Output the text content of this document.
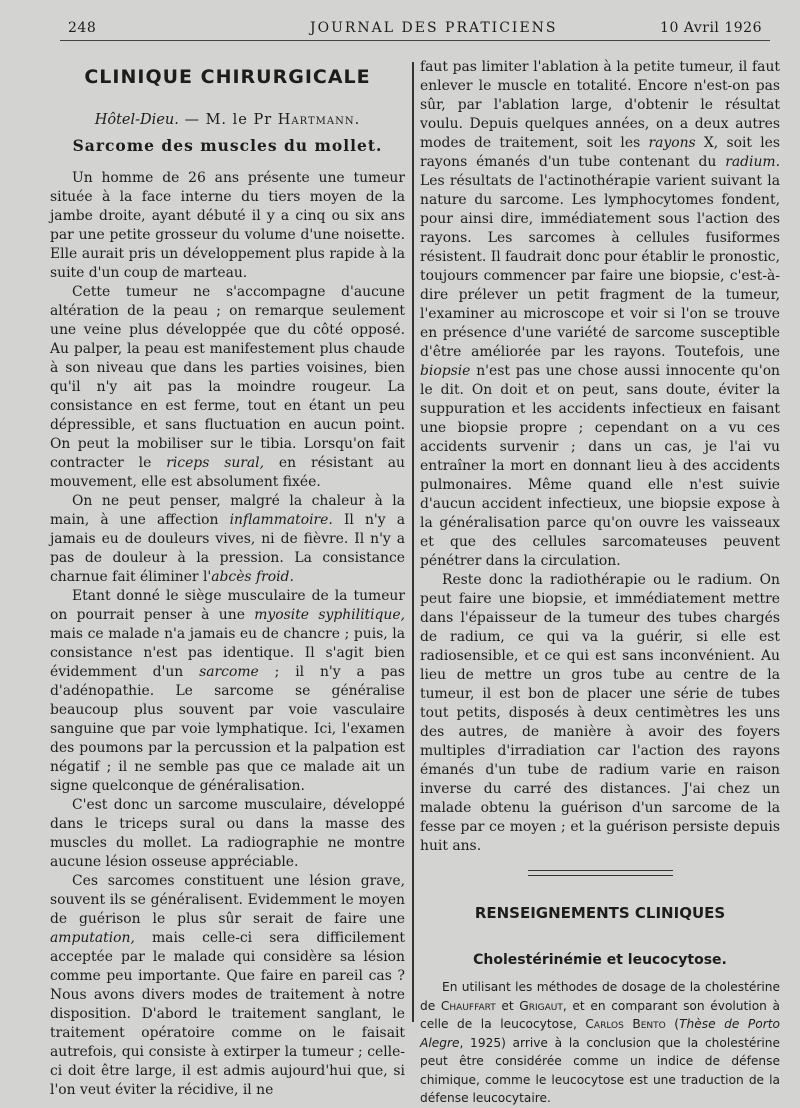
248	JOURNAL DES PRATICIENS	10 Avril 1926
CLINIQUE CHIRURGICALE
Hôtel-Dieu. — M. le Pr Hartmann.
Sarcome des muscles du mollet.

Un homme de 26 ans présente une tumeur située à la face interne du tiers moyen de la jambe droite, ayant débuté il y a cinq ou six ans par une petite grosseur du volume d'une noisette. Elle aurait pris un développement plus rapide à la suite d'un coup de marteau.

Cette tumeur ne s'accompagne d'aucune altération de la peau ; on remarque seulement une veine plus développée que du côté opposé. Au palper, la peau est manifestement plus chaude à son niveau que dans les parties voisines, bien qu'il n'y ait pas la moindre rougeur. La consistance en est ferme, tout en étant un peu dépressible, et sans fluctuation en aucun point. On peut la mobiliser sur le tibia. Lorsqu'on fait contracter le riceps sural, en résistant au mouvement, elle est absolument fixée.

On ne peut penser, malgré la chaleur à la main, à une affection inflammatoire. Il n'y a jamais eu de douleurs vives, ni de fièvre. Il n'y a pas de douleur à la pression. La consistance charnue fait éliminer l'abcès froid.

Etant donné le siège musculaire de la tumeur on pourrait penser à une myosite syphilitique, mais ce malade n'a jamais eu de chancre ; puis, la consistance n'est pas identique. Il s'agit bien évidemment d'un sarcome ; il n'y a pas d'adénopathie. Le sarcome se généralise beaucoup plus souvent par voie vasculaire sanguine que par voie lymphatique. Ici, l'examen des poumons par la percussion et la palpation est négatif ; il ne semble pas que ce malade ait un signe quelconque de généralisation.

C'est donc un sarcome musculaire, développé dans le triceps sural ou dans la masse des muscles du mollet. La radiographie ne montre aucune lésion osseuse appréciable.

Ces sarcomes constituent une lésion grave, souvent ils se généralisent. Evidemment le moyen de guérison le plus sûr serait de faire une amputation, mais celle-ci sera difficilement acceptée par le malade qui considère sa lésion comme peu importante. Que faire en pareil cas ? Nous avons divers modes de traitement à notre disposition. D'abord le traitement sanglant, le traitement opératoire comme on le faisait autrefois, qui consiste à extirper la tumeur ; celle-ci doit être large, il est admis aujourd'hui que, si l'on veut éviter la récidive, il ne

faut pas limiter l'ablation à la petite tumeur, il faut enlever le muscle en totalité. Encore n'est-on pas sûr, par l'ablation large, d'obtenir le résultat voulu. Depuis quelques années, on a deux autres modes de traitement, soit les rayons X, soit les rayons émanés d'un tube contenant du radium. Les résultats de l'actinothérapie varient suivant la nature du sarcome. Les lymphocytomes fondent, pour ainsi dire, immédiatement sous l'action des rayons. Les sarcomes à cellules fusiformes résistent. Il faudrait donc pour établir le pronostic, toujours commencer par faire une biopsie, c'est-à-dire prélever un petit fragment de la tumeur, l'examiner au microscope et voir si l'on se trouve en présence d'une variété de sarcome susceptible d'être améliorée par les rayons. Toutefois, une biopsie n'est pas une chose aussi innocente qu'on le dit. On doit et on peut, sans doute, éviter la suppuration et les accidents infectieux en faisant une biopsie propre ; cependant on a vu ces accidents survenir ; dans un cas, je l'ai vu entraîner la mort en donnant lieu à des accidents pulmonaires. Même quand elle n'est suivie d'aucun accident infectieux, une biopsie expose à la généralisation parce qu'on ouvre les vaisseaux et que des cellules sarcomateuses peuvent pénétrer dans la circulation.

Reste donc la radiothérapie ou le radium. On peut faire une biopsie, et immédiatement mettre dans l'épaisseur de la tumeur des tubes chargés de radium, ce qui va la guérir, si elle est radiosensible, et ce qui est sans inconvénient. Au lieu de mettre un gros tube au centre de la tumeur, il est bon de placer une série de tubes tout petits, disposés à deux centimètres les uns des autres, de manière à avoir des foyers multiples d'irradiation car l'action des rayons émanés d'un tube de radium varie en raison inverse du carré des distances. J'ai chez un malade obtenu la guérison d'un sarcome de la fesse par ce moyen ; et la guérison persiste depuis huit ans.

RENSEIGNEMENTS CLINIQUES
Cholestérinémie et leucocytose.

En utilisant les méthodes de dosage de la cholestérine de Chauffart et Grigaut, et en comparant son évolution à celle de la leucocytose, Carlos Bento (Thèse de Porto Alegre, 1925) arrive à la conclusion que la cholestérine peut être considérée comme un indice de défense chimique, comme le leucocytose est une traduction de la défense leucocytaire.
